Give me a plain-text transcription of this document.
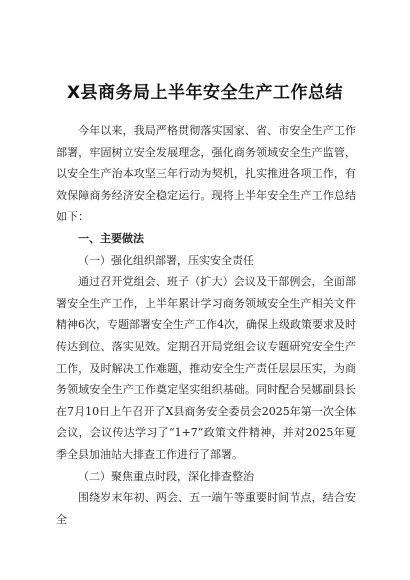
X县商务局上半年安全生产工作总结

今年以来，我局严格贯彻落实国家、省、市安全生产工作部署，牢固树立安全发展理念，强化商务领域安全生产监管，以安全生产治本攻坚三年行动为契机，扎实推进各项工作，有效保障商务经济安全稳定运行。现将上半年安全生产工作总结如下：

一、主要做法

（一）强化组织部署，压实安全责任

通过召开党组会、班子（扩大）会议及干部例会，全面部署安全生产工作，上半年累计学习商务领域安全生产相关文件精神6次，专题部署安全生产工作4次，确保上级政策要求及时传达到位、落实见效。定期召开局党组会议专题研究安全生产工作，及时解决工作难题，推动安全生产责任层层压实，为商务领域安全生产工作奠定坚实组织基础。同时配合吴娜副县长在7月10日上午召开了X县商务安全委员会2025年第一次全体会议，会议传达学习了“1+7”政策文件精神，并对2025年夏季全县加油站大排查工作进行了部署。

（二）聚焦重点时段，深化排查整治

围绕岁末年初、两会、五一端午等重要时间节点，结合安全
